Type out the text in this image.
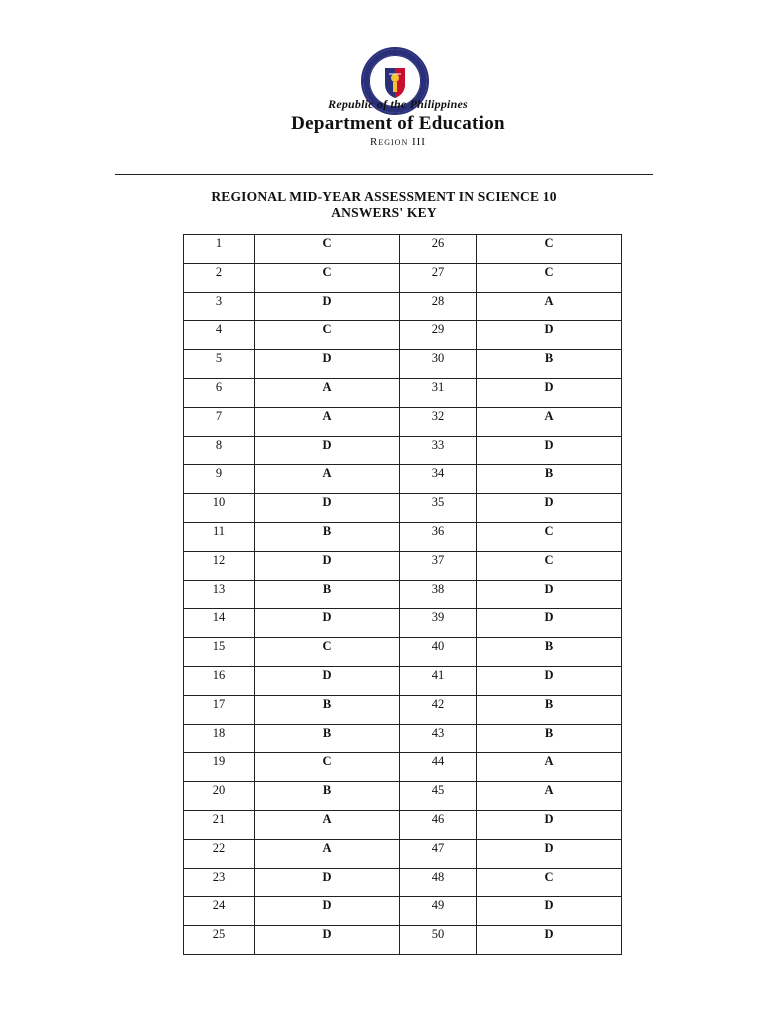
Republic of the Philippines
Department of Education
Region III
REGIONAL MID-YEAR ASSESSMENT IN SCIENCE 10
ANSWERS' KEY
1	C	26	C
2	C	27	C
3	D	28	A
4	C	29	D
5	D	30	B
6	A	31	D
7	A	32	A
8	D	33	D
9	A	34	B
10	D	35	D
11	B	36	C
12	D	37	C
13	B	38	D
14	D	39	D
15	C	40	B
16	D	41	D
17	B	42	B
18	B	43	B
19	C	44	A
20	B	45	A
21	A	46	D
22	A	47	D
23	D	48	C
24	D	49	D
25	D	50	D
